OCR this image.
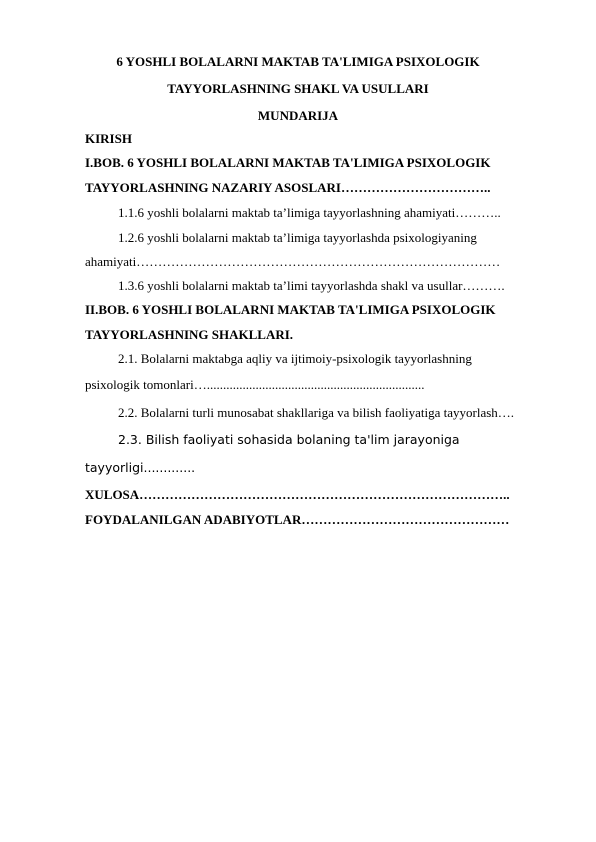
6 YOSHLI BOLALARNI MAKTAB TA'LIMIGA PSIXOLOGIK
TAYYORLASHNING SHAKL VA USULLARI
MUNDARIJA
KIRISH
I.BOB. 6 YOSHLI BOLALARNI MAKTAB TA'LIMIGA PSIXOLOGIK
TAYYORLASHNING NAZARIY ASOSLARI……………………………..
1.1.6 yoshli bolalarni maktab ta’limiga tayyorlashning ahamiyati………..
1.2.6 yoshli bolalarni maktab ta’limiga tayyorlashda psixologiyaning
ahamiyati…………………………………………………………………………
1.3.6 yoshli bolalarni maktab ta’limi tayyorlashda shakl va usullar……….
II.BOB. 6 YOSHLI BOLALARNI MAKTAB TA'LIMIGA PSIXOLOGIK
TAYYORLASHNING SHAKLLARI.
2.1. Bolalarni maktabga aqliy va ijtimoiy-psixologik tayyorlashning
psixologik tomonlari…...................................................................
2.2. Bolalarni turli munosabat shakllariga va bilish faoliyatiga tayyorlash….
2.3. Bilish faoliyati sohasida bolaning ta'lim jarayoniga
tayyorligi.............
XULOSA…………………………………………………………………………..
FOYDALANILGAN ADABIYOTLAR…………………………………………
